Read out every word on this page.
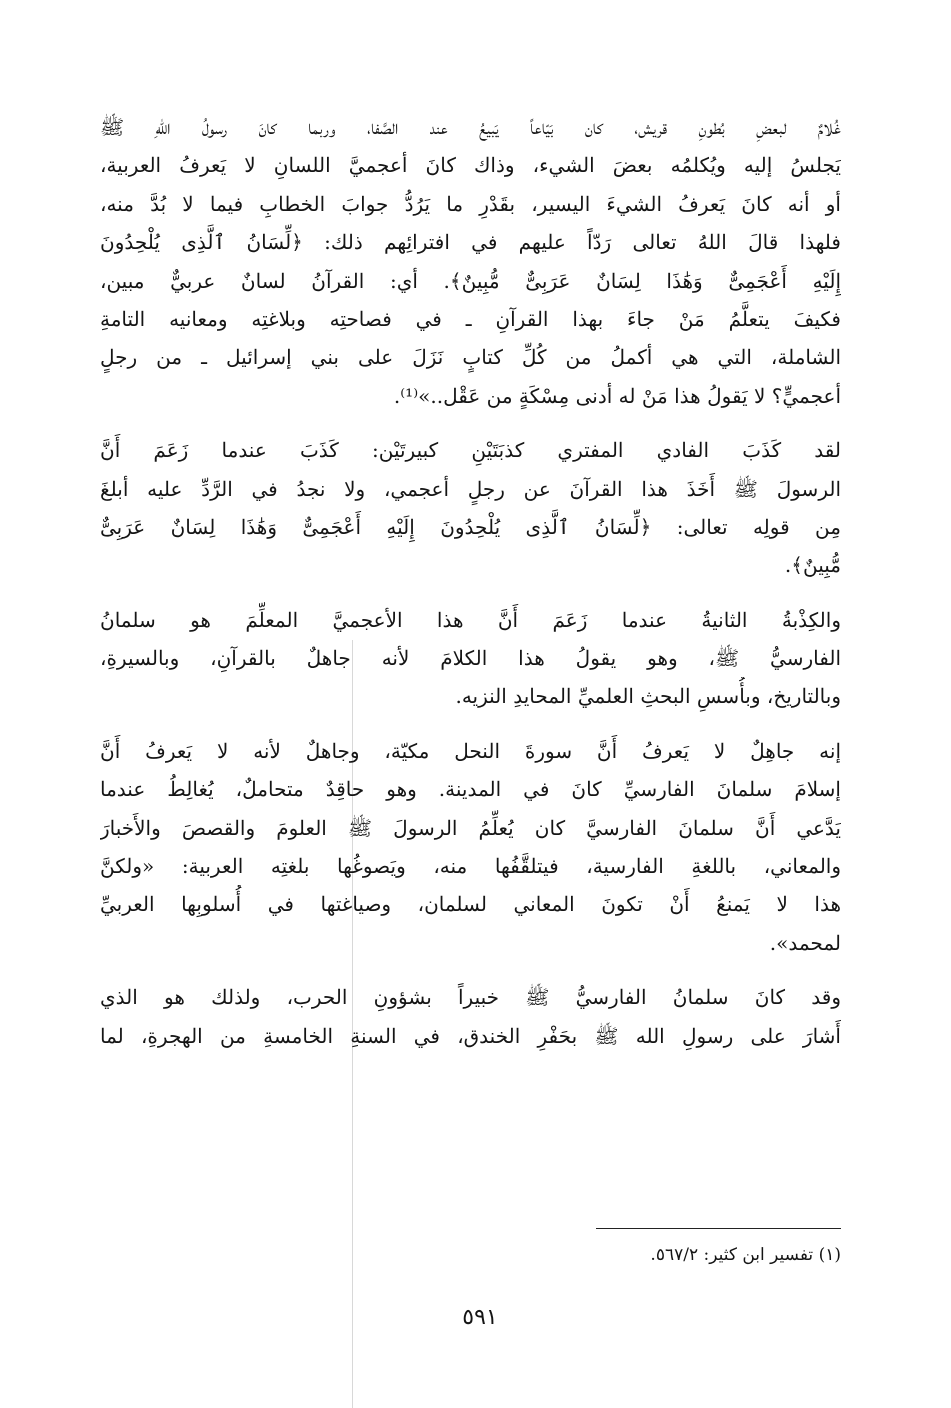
غُلامٌ لبعضِ بُطونِ قريش، كان بَيّاعاً يَبيعُ عند الصَّفا، وربما كانَ رسولُ اللهِ ﷺ
يَجلسُ إليه ويُكلمُه بعضَ الشيء، وذاك كانَ أعجميَّ اللسانِ لا يَعرفُ العربية،
أو أنه كانَ يَعرفُ الشيءَ اليسير، بقَدْرِ ما يَرُدُّ جوابَ الخطابِ فيما لا بُدَّ منه،
فلهذا قالَ اللهُ تعالى رَدّاً عليهم في افترائِهم ذلك: ﴿لِّسَانُ ٱلَّذِى يُلْحِدُونَ
إِلَيْهِ أَعْجَمِىٌّ وَهَٰذَا لِسَانٌ عَرَبِىٌّ مُّبِينٌ﴾. أي: القرآنُ لسانٌ عربيٌّ مبين،
فكيفَ يتعلَّمُ مَنْ جاءَ بهذا القرآنِ ـ في فصاحتِه وبلاغتِه ومعانيه التامةِ
الشاملة، التي هي أكملُ من كُلِّ كتابٍ نَزَلَ على بني إسرائيل ـ من رجلٍ
أعجميٍّ؟ لا يَقولُ هذا مَنْ له أدنى مِسْكَةٍ من عَقْل..»⁽¹⁾.
لقد كَذَبَ الفادي المفتري كذبَتَيْنِ كبيرتَيْن: كَذَبَ عندما زَعَمَ أَنَّ
الرسولَ ﷺ أَخَذَ هذا القرآنَ عن رجلٍ أعجمي، ولا نجدُ في الرَّدِّ عليه أبلغَ
مِن قولِه تعالى: ﴿لِّسَانُ ٱلَّذِى يُلْحِدُونَ إِلَيْهِ أَعْجَمِىٌّ وَهَٰذَا لِسَانٌ عَرَبِىٌّ
مُّبِينٌ﴾.
والكِذْبةُ الثانيةُ عندما زَعَمَ أَنَّ هذا الأعجميَّ المعلِّمَ هو سلمانُ
الفارسيُّ ﷺ، وهو يقولُ هذا الكلامَ لأنه جاهلٌ بالقرآنِ، وبالسيرةِ،
وبالتاريخ، وبأُسسِ البحثِ العلميِّ المحايدِ النزيه.
إنه جاهِلٌ لا يَعرفُ أَنَّ سورةَ النحل مكيّة، وجاهلٌ لأنه لا يَعرفُ أَنَّ
إسلامَ سلمانَ الفارسيِّ كانَ في المدينة. وهو حاقِدٌ متحاملٌ، يُغالِطُ عندما
يَدَّعي أَنَّ سلمانَ الفارسيَّ كان يُعلِّمُ الرسولَ ﷺ العلومَ والقصصَ والأَخبارَ
والمعاني، باللغةِ الفارسية، فيتلقَّفُها منه، ويَصوغُها بلغتِه العربية: «ولكنَّ
هذا لا يَمنعُ أَنْ تكونَ المعاني لسلمان، وصياغتها في أُسلوبِها العربيِّ
لمحمد».
وقد كانَ سلمانُ الفارسيُّ ﷺ خبيراً بشؤونِ الحرب، ولذلك هو الذي
أَشارَ على رسولِ الله ﷺ بحَفْرِ الخندق، في السنةِ الخامسةِ من الهجرةِ، لما
(١) تفسير ابن كثير: ٥٦٧/٢.
٥٩١
